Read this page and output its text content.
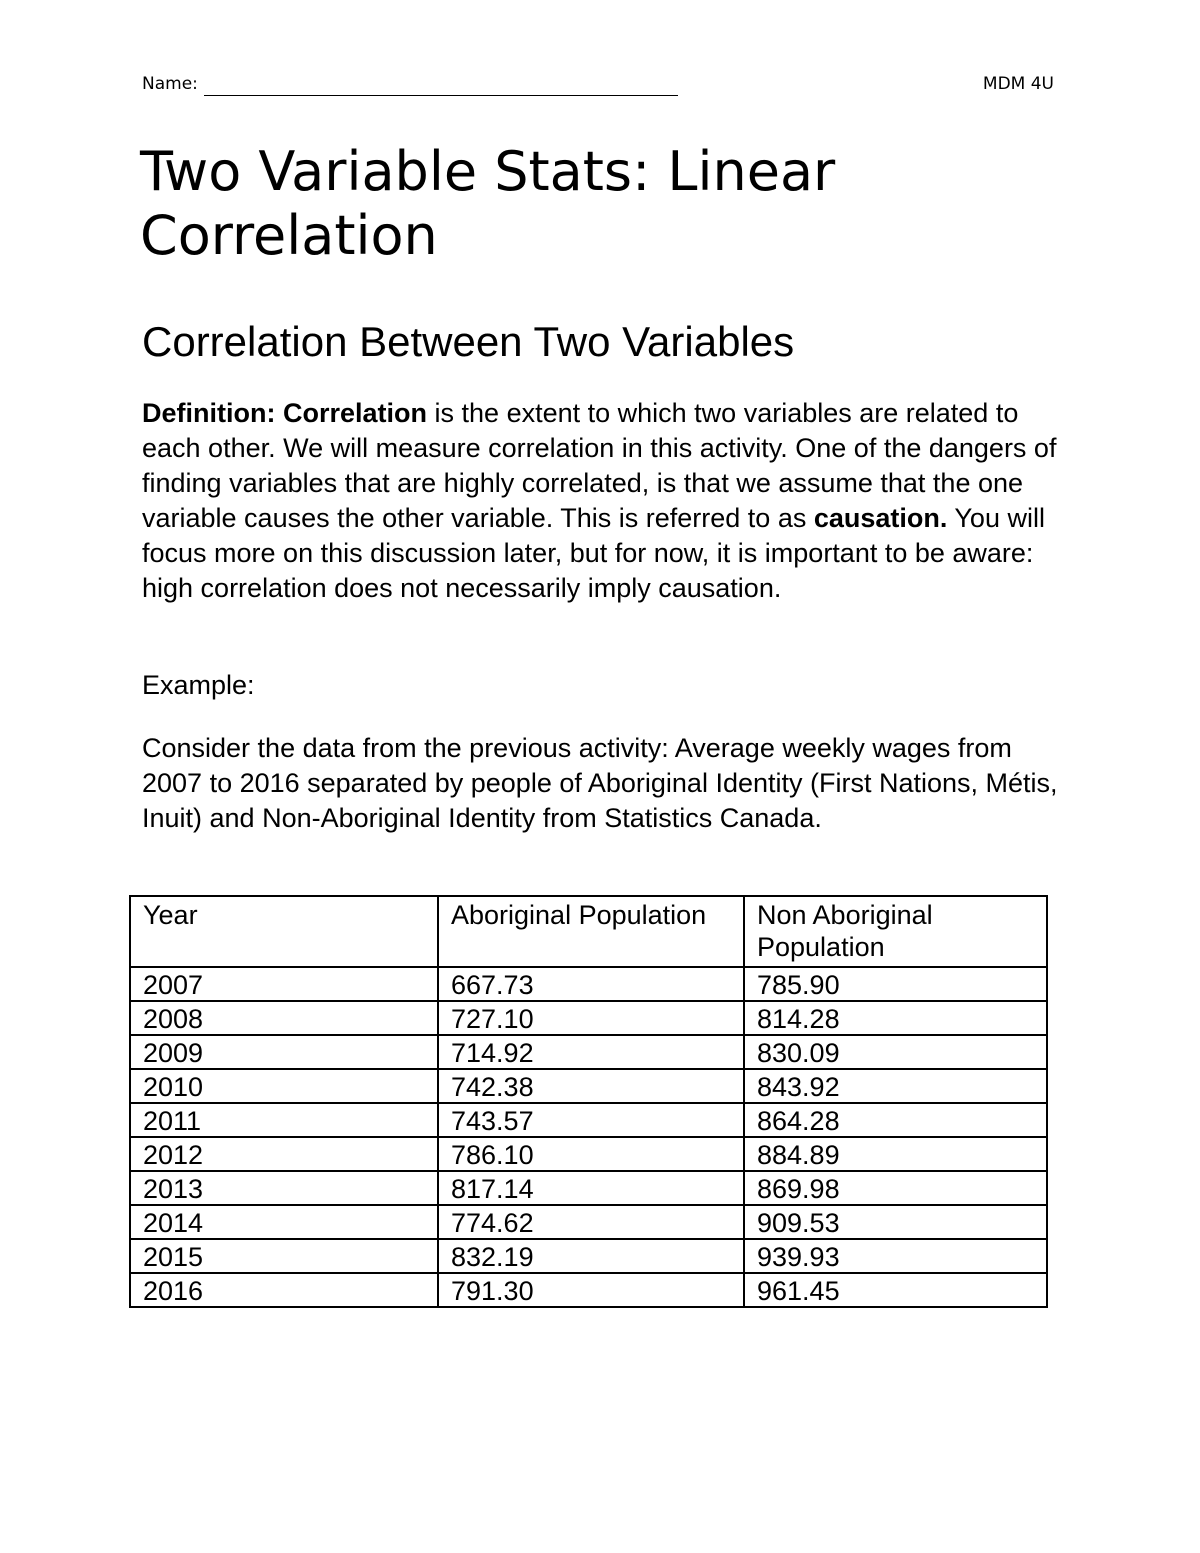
Name:	MDM 4U
Two Variable Stats: Linear Correlation
Correlation Between Two Variables

Definition: Correlation is the extent to which two variables are related to each other. We will measure correlation in this activity. One of the dangers of finding variables that are highly correlated, is that we assume that the one variable causes the other variable. This is referred to as causation. You will focus more on this discussion later, but for now, it is important to be aware: high correlation does not necessarily imply causation.

Example:

Consider the data from the previous activity: Average weekly wages from 2007 to 2016 separated by people of Aboriginal Identity (First Nations, Métis, Inuit) and Non-Aboriginal Identity from Statistics Canada.

Year	Aboriginal Population	Non Aboriginal Population
2007	667.73	785.90
2008	727.10	814.28
2009	714.92	830.09
2010	742.38	843.92
2011	743.57	864.28
2012	786.10	884.89
2013	817.14	869.98
2014	774.62	909.53
2015	832.19	939.93
2016	791.30	961.45
